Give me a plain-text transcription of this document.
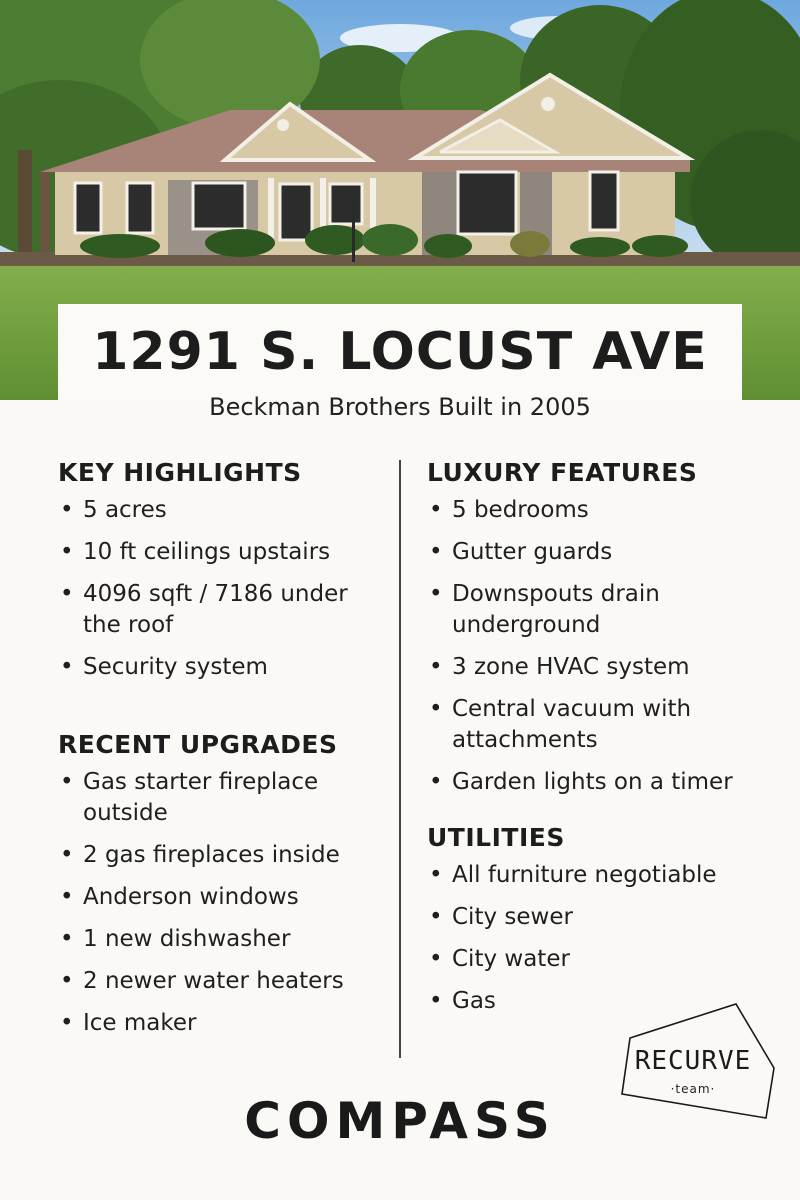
1291 S. LOCUST AVE
Beckman Brothers Built in 2005
KEY HIGHLIGHTS
• 5 acres
• 10 ft ceilings upstairs
• 4096 sqft / 7186 under the roof
• Security system
RECENT UPGRADES
• Gas starter fireplace outside
• 2 gas fireplaces inside
• Anderson windows
• 1 new dishwasher
• 2 newer water heaters
• Ice maker
LUXURY FEATURES
• 5 bedrooms
• Gutter guards
• Downspouts drain underground
• 3 zone HVAC system
• Central vacuum with attachments
• Garden lights on a timer
UTILITIES
• All furniture negotiable
• City sewer
• City water
• Gas
RECURVE
·team·
COMPASS
